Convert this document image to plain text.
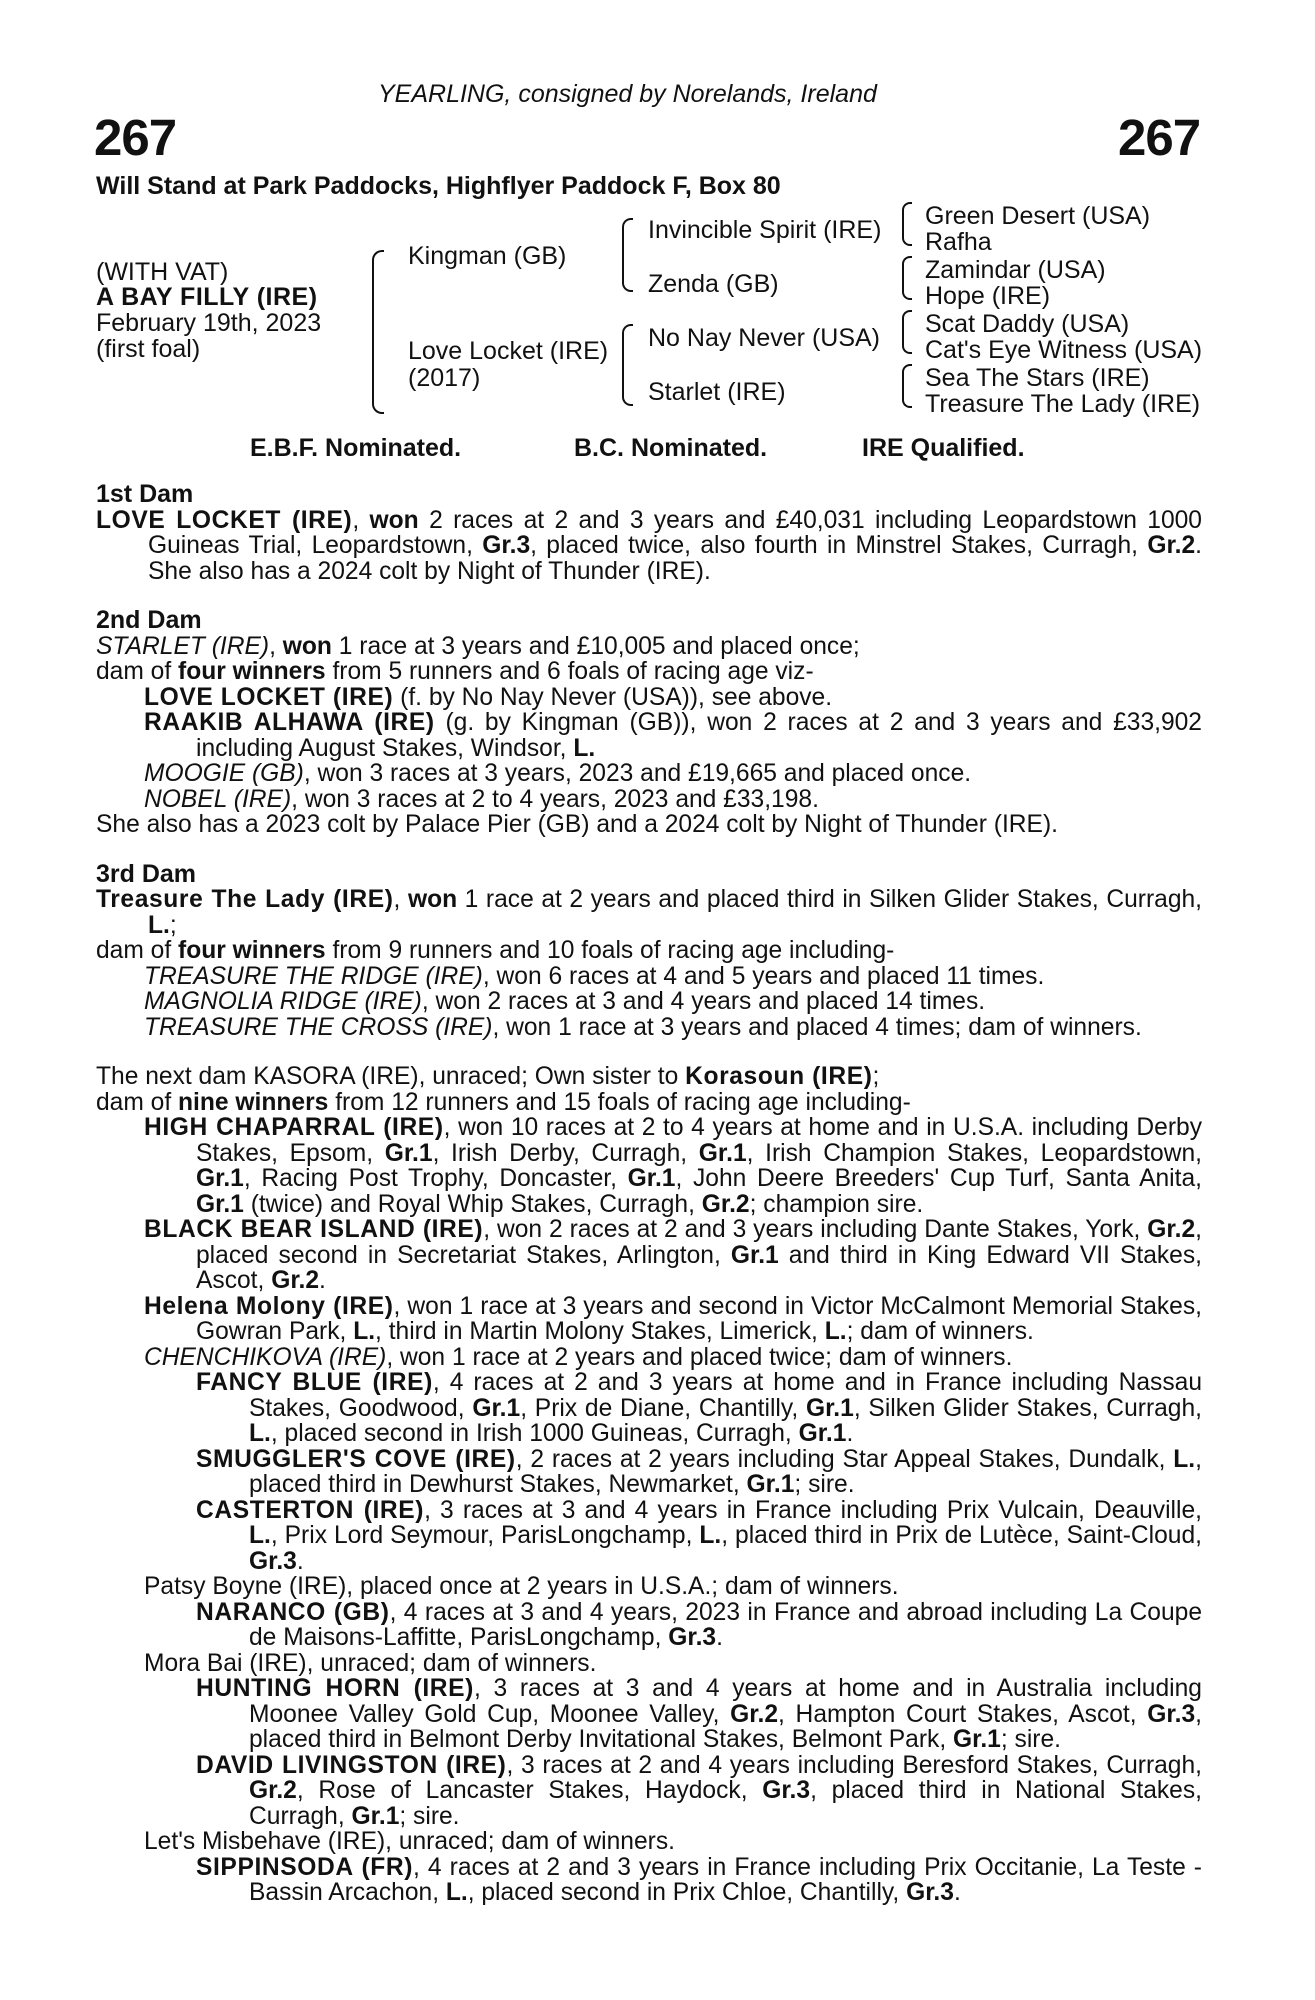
YEARLING, consigned by Norelands, Ireland
267	267
Will Stand at Park Paddocks, Highflyer Paddock F, Box 80
(WITH VAT)
A BAY FILLY (IRE)
February 19th, 2023
(first foal)
Kingman (GB)
Love Locket (IRE)
(2017)
Invincible Spirit (IRE)
Zenda (GB)
No Nay Never (USA)
Starlet (IRE)
Green Desert (USA)
Rafha
Zamindar (USA)
Hope (IRE)
Scat Daddy (USA)
Cat's Eye Witness (USA)
Sea The Stars (IRE)
Treasure The Lady (IRE)
E.B.F. Nominated.	B.C. Nominated.	IRE Qualified.
1st Dam
LOVE LOCKET (IRE), won 2 races at 2 and 3 years and £40,031 including Leopardstown 1000 Guineas Trial, Leopardstown, Gr.3, placed twice, also fourth in Minstrel Stakes, Curragh, Gr.2. She also has a 2024 colt by Night of Thunder (IRE).
2nd Dam
STARLET (IRE), won 1 race at 3 years and £10,005 and placed once;
dam of four winners from 5 runners and 6 foals of racing age viz-
LOVE LOCKET (IRE) (f. by No Nay Never (USA)), see above.
RAAKIB ALHAWA (IRE) (g. by Kingman (GB)), won 2 races at 2 and 3 years and £33,902 including August Stakes, Windsor, L.
MOOGIE (GB), won 3 races at 3 years, 2023 and £19,665 and placed once.
NOBEL (IRE), won 3 races at 2 to 4 years, 2023 and £33,198.
She also has a 2023 colt by Palace Pier (GB) and a 2024 colt by Night of Thunder (IRE).
3rd Dam
Treasure The Lady (IRE), won 1 race at 2 years and placed third in Silken Glider Stakes, Curragh, L.;
dam of four winners from 9 runners and 10 foals of racing age including-
TREASURE THE RIDGE (IRE), won 6 races at 4 and 5 years and placed 11 times.
MAGNOLIA RIDGE (IRE), won 2 races at 3 and 4 years and placed 14 times.
TREASURE THE CROSS (IRE), won 1 race at 3 years and placed 4 times; dam of winners.
The next dam KASORA (IRE), unraced; Own sister to Korasoun (IRE);
dam of nine winners from 12 runners and 15 foals of racing age including-
HIGH CHAPARRAL (IRE), won 10 races at 2 to 4 years at home and in U.S.A. including Derby Stakes, Epsom, Gr.1, Irish Derby, Curragh, Gr.1, Irish Champion Stakes, Leopardstown, Gr.1, Racing Post Trophy, Doncaster, Gr.1, John Deere Breeders' Cup Turf, Santa Anita, Gr.1 (twice) and Royal Whip Stakes, Curragh, Gr.2; champion sire.
BLACK BEAR ISLAND (IRE), won 2 races at 2 and 3 years including Dante Stakes, York, Gr.2, placed second in Secretariat Stakes, Arlington, Gr.1 and third in King Edward VII Stakes, Ascot, Gr.2.
Helena Molony (IRE), won 1 race at 3 years and second in Victor McCalmont Memorial Stakes, Gowran Park, L., third in Martin Molony Stakes, Limerick, L.; dam of winners.
CHENCHIKOVA (IRE), won 1 race at 2 years and placed twice; dam of winners.
FANCY BLUE (IRE), 4 races at 2 and 3 years at home and in France including Nassau Stakes, Goodwood, Gr.1, Prix de Diane, Chantilly, Gr.1, Silken Glider Stakes, Curragh, L., placed second in Irish 1000 Guineas, Curragh, Gr.1.
SMUGGLER'S COVE (IRE), 2 races at 2 years including Star Appeal Stakes, Dundalk, L., placed third in Dewhurst Stakes, Newmarket, Gr.1; sire.
CASTERTON (IRE), 3 races at 3 and 4 years in France including Prix Vulcain, Deauville, L., Prix Lord Seymour, ParisLongchamp, L., placed third in Prix de Lutèce, Saint-Cloud, Gr.3.
Patsy Boyne (IRE), placed once at 2 years in U.S.A.; dam of winners.
NARANCO (GB), 4 races at 3 and 4 years, 2023 in France and abroad including La Coupe de Maisons-Laffitte, ParisLongchamp, Gr.3.
Mora Bai (IRE), unraced; dam of winners.
HUNTING HORN (IRE), 3 races at 3 and 4 years at home and in Australia including Moonee Valley Gold Cup, Moonee Valley, Gr.2, Hampton Court Stakes, Ascot, Gr.3, placed third in Belmont Derby Invitational Stakes, Belmont Park, Gr.1; sire.
DAVID LIVINGSTON (IRE), 3 races at 2 and 4 years including Beresford Stakes, Curragh, Gr.2, Rose of Lancaster Stakes, Haydock, Gr.3, placed third in National Stakes, Curragh, Gr.1; sire.
Let's Misbehave (IRE), unraced; dam of winners.
SIPPINSODA (FR), 4 races at 2 and 3 years in France including Prix Occitanie, La Teste - Bassin Arcachon, L., placed second in Prix Chloe, Chantilly, Gr.3.
